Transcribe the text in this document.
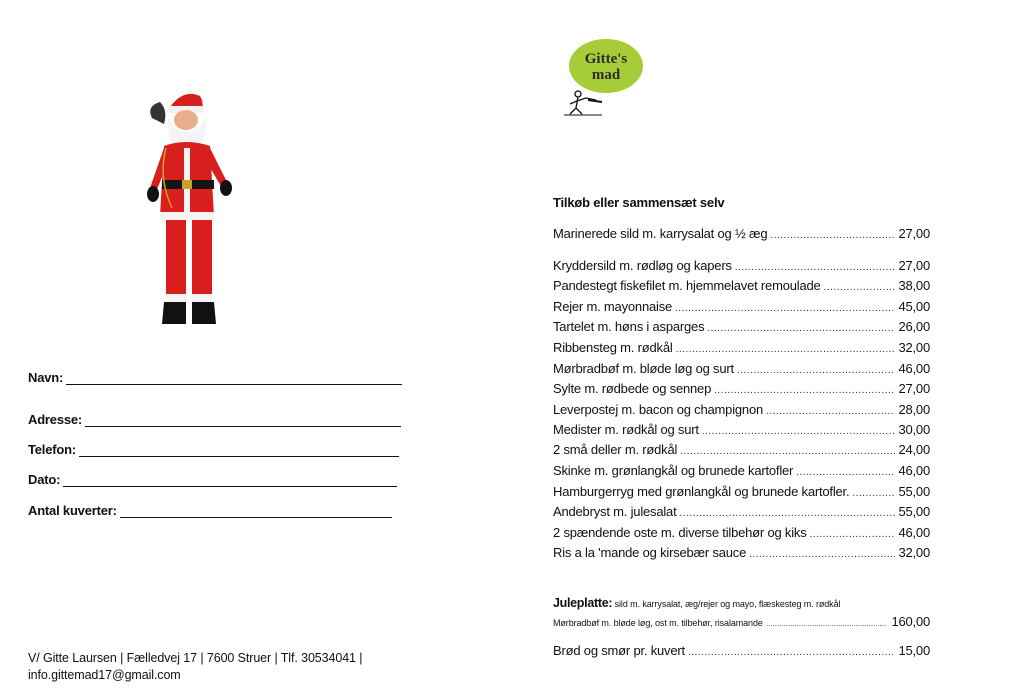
Navn:
Adresse:
Telefon:
Dato:
Antal kuverter:
V/ Gitte Laursen | Fælledvej 17 | 7600 Struer | Tlf. 30534041 |
info.gittemad17@gmail.com
Gitte's
mad
Tilkøb eller sammensæt selv
Marinerede sild m. karrysalat og ½ æg .....	27,00
Kryddersild m. rødløg og kapers .....	27,00
Pandestegt fiskefilet m. hjemmelavet remoulade .....	38,00
Rejer m. mayonnaise .....	45,00
Tartelet m. høns i asparges .....	26,00
Ribbensteg m. rødkål .....	32,00
Mørbradbøf m. bløde løg og surt .....	46,00
Sylte m. rødbede og sennep .....	27,00
Leverpostej m. bacon og champignon .....	28,00
Medister m. rødkål og surt .....	30,00
2 små deller m. rødkål .....	24,00
Skinke m. grønlangkål og brunede kartofler .....	46,00
Hamburgerryg med grønlangkål og brunede kartofler. .....	55,00
Andebryst m. julesalat .....	55,00
2 spændende oste m. diverse tilbehør og kiks .....	46,00
Ris a la 'mande og kirsebær sauce .....	32,00
Juleplatte: sild m. karrysalat, æg/rejer og mayo, flæskesteg m. rødkål
Mørbradbøf m. bløde løg, ost m. tilbehør, risalamande .....	160,00
Brød og smør pr. kuvert .....	15,00
